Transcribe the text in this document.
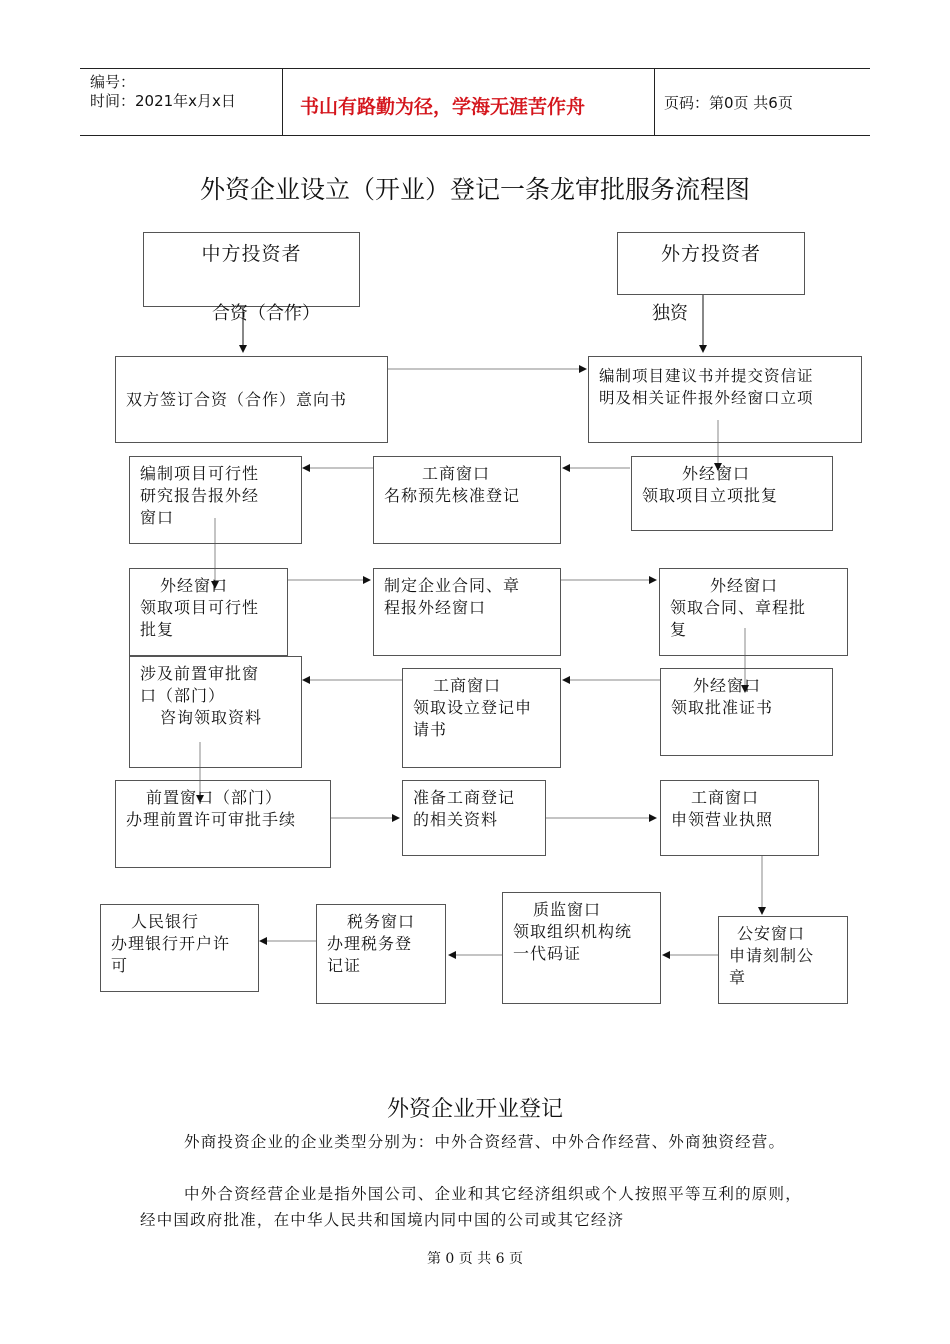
编号：
时间：2021年x月x日	书山有路勤为径，学海无涯苦作舟	页码：第0页 共6页
外资企业设立（开业）登记一条龙审批服务流程图
中方投资者	外方投资者
合资（合作）	独资
双方签订合资（合作）意向书
编制项目建议书并提交资信证
明及相关证件报外经窗口立项
编制项目可行性
研究报告报外经
窗口
工商窗口
名称预先核准登记
外经窗口
领取项目立项批复
外经窗口
领取项目可行性
批复
制定企业合同、章
程报外经窗口
外经窗口
领取合同、章程批
复
涉及前置审批窗
口（部门）
咨询领取资料
工商窗口
领取设立登记申
请书
外经窗口
领取批准证书
前置窗口（部门）
办理前置许可审批手续
准备工商登记
的相关资料
工商窗口
申领营业执照
人民银行
办理银行开户许
可
税务窗口
办理税务登
记证
质监窗口
领取组织机构统
一代码证
公安窗口
申请刻制公
章
外资企业开业登记

外商投资企业的企业类型分别为：中外合资经营、中外合作经营、外商独资经营。

中外合资经营企业是指外国公司、企业和其它经济组织或个人按照平等互利的原则，经中国政府批准，在中华人民共和国境内同中国的公司或其它经济

第 0 页 共 6 页
